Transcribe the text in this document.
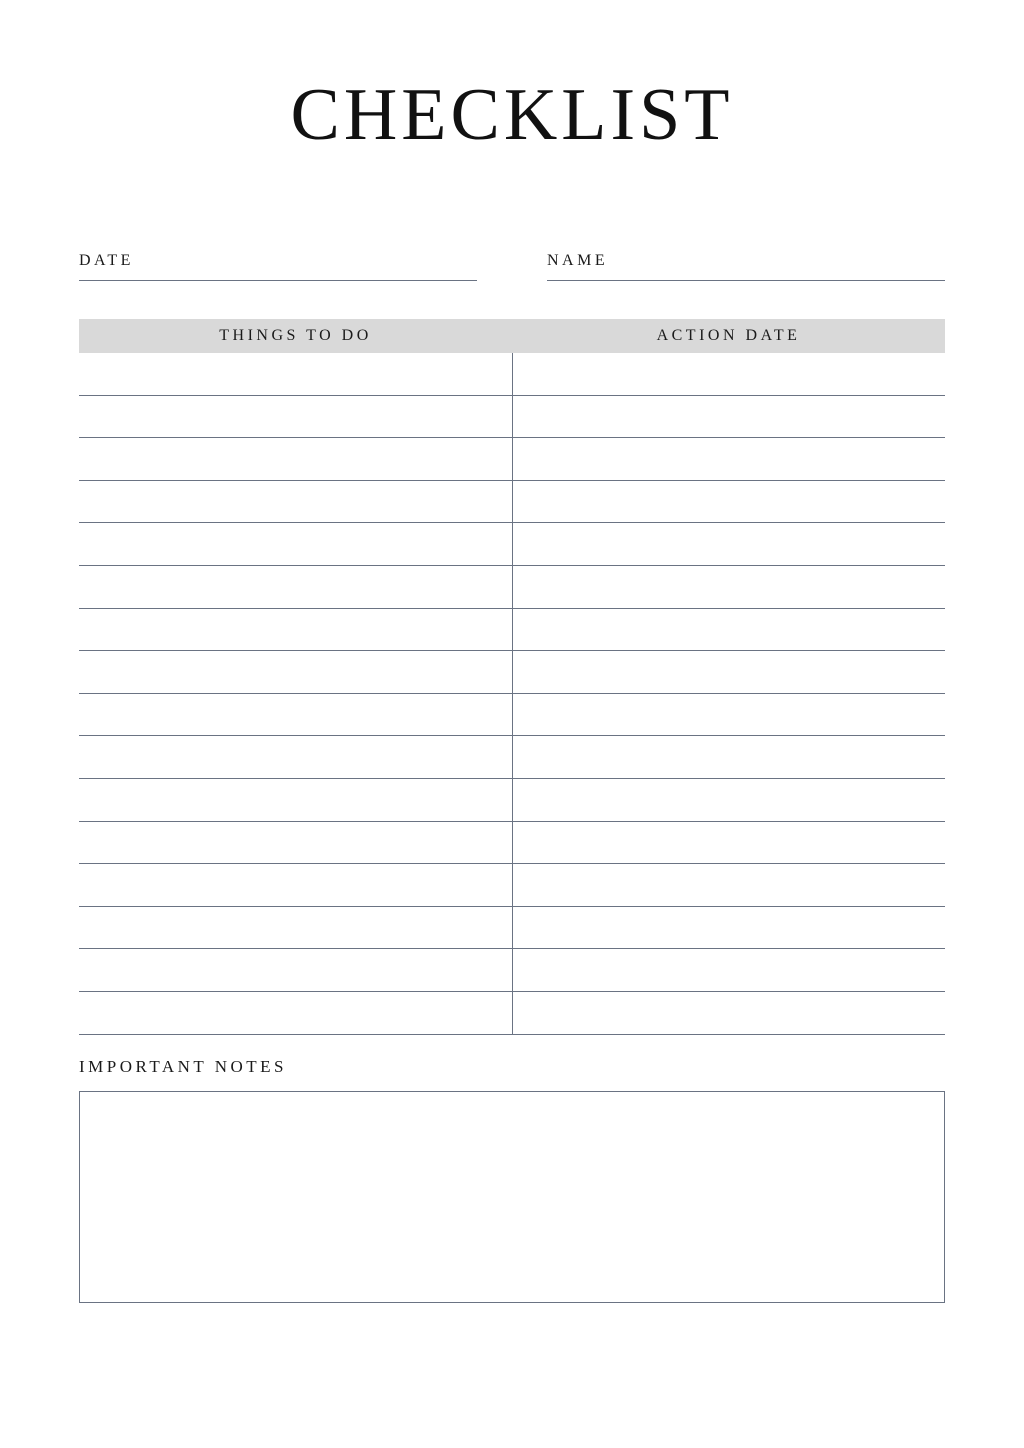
CHECKLIST
DATE	NAME
THINGS TO DO	ACTION DATE
IMPORTANT NOTES
